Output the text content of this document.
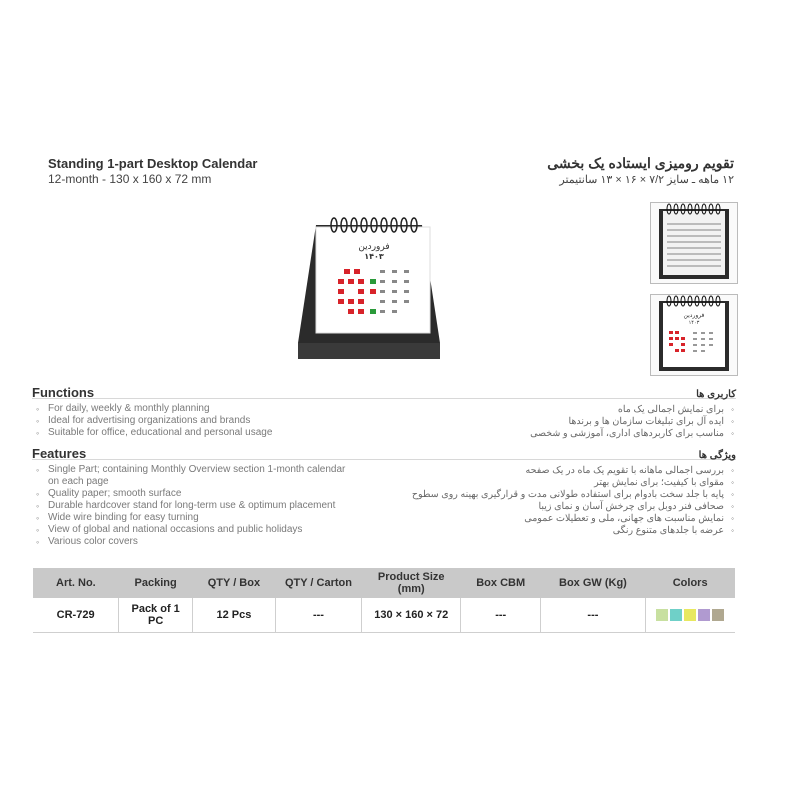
Standing 1-part Desktop Calendar
12-month - 130 x 160 x 72 mm
تقویم رومیزی ایستاده یک بخشی
۱۲ ماهه ـ سایز ۷/۲ × ۱۶ × ۱۳ سانتیمتر
فروردین
۱۴۰۳
فروردین
۱۴۰۳
Functions	کاربری ها
◦ For daily, weekly & monthly planning
◦ Ideal for advertising organizations and brands
◦ Suitable for office, educational and personal usage
◦ برای نمایش اجمالی یک ماه
◦ ایده آل برای تبلیغات سازمان ها و برندها
◦ مناسب برای کاربردهای اداری، آموزشی و شخصی
Features	ویژگی ها
◦ Single Part; containing Monthly Overview section 1-month calendar on each page
◦ Quality paper; smooth surface
◦ Durable hardcover stand for long-term use & optimum placement
◦ Wide wire binding for easy turning
◦ View of global and national occasions and public holidays
◦ Various color covers
◦ بررسی اجمالی ماهانه با تقویم یک ماه در یک صفحه
◦ مقوای با کیفیت؛ برای نمایش بهتر
◦ پایه با جلد سخت بادوام برای استفاده طولانی مدت و قرارگیری بهینه روی سطوح
◦ صحافی فنر دوبل برای چرخش آسان و نمای زیبا
◦ نمایش مناسبت های جهانی، ملی و تعطیلات عمومی
◦ عرضه با جلدهای متنوع رنگی
Art. No.	Packing	QTY / Box	QTY / Carton	Product Size (mm)	Box CBM	Box GW (Kg)	Colors
CR-729	Pack of 1 PC	12 Pcs	---	130 × 160 × 72	---	---	
